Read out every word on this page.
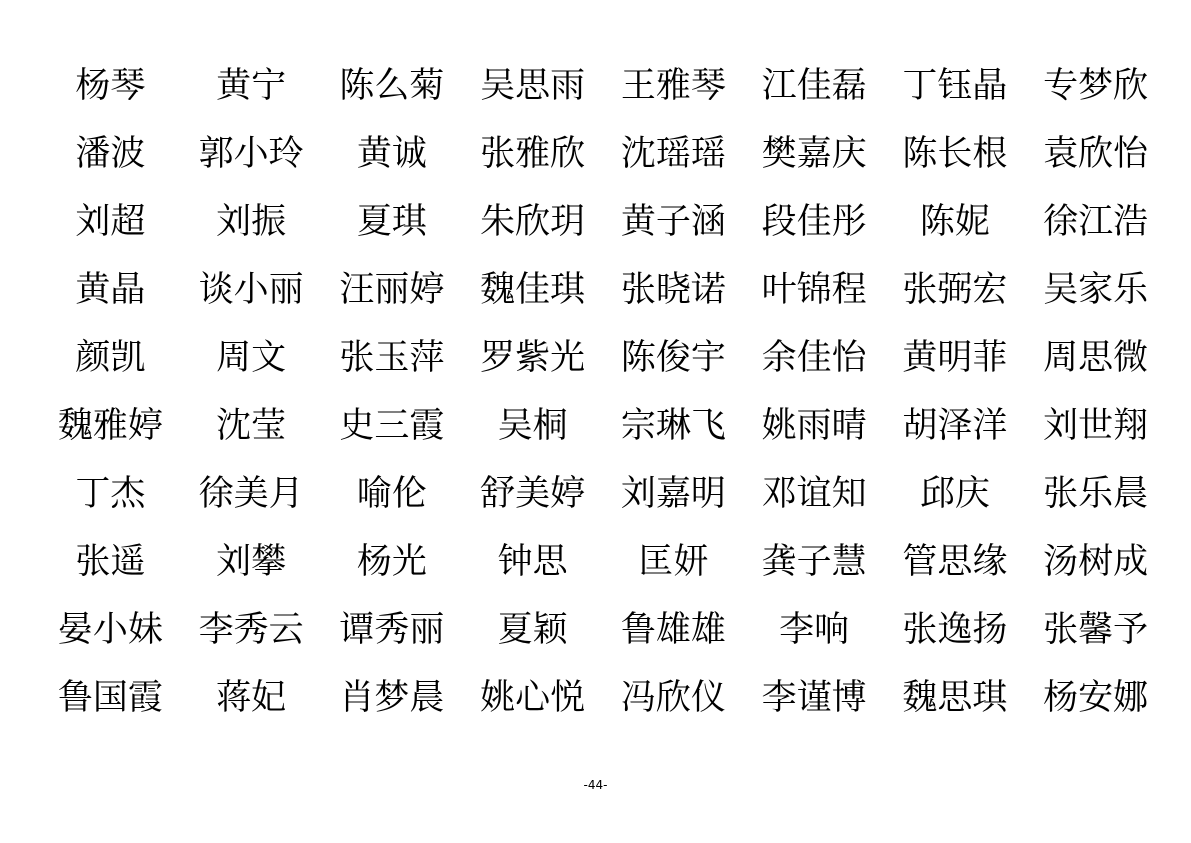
杨琴	黄宁	陈么菊	吴思雨	王雅琴	江佳磊	丁钰晶	专梦欣
潘波	郭小玲	黄诚	张雅欣	沈瑶瑶	樊嘉庆	陈长根	袁欣怡
刘超	刘振	夏琪	朱欣玥	黄子涵	段佳彤	陈妮	徐江浩
黄晶	谈小丽	汪丽婷	魏佳琪	张晓诺	叶锦程	张弼宏	吴家乐
颜凯	周文	张玉萍	罗紫光	陈俊宇	余佳怡	黄明菲	周思微
魏雅婷	沈莹	史三霞	吴桐	宗琳飞	姚雨晴	胡泽洋	刘世翔
丁杰	徐美月	喻伦	舒美婷	刘嘉明	邓谊知	邱庆	张乐晨
张遥	刘攀	杨光	钟思	匡妍	龚子慧	管思缘	汤树成
晏小妹	李秀云	谭秀丽	夏颖	鲁雄雄	李响	张逸扬	张馨予
鲁国霞	蒋妃	肖梦晨	姚心悦	冯欣仪	李谨博	魏思琪	杨安娜
-44-
